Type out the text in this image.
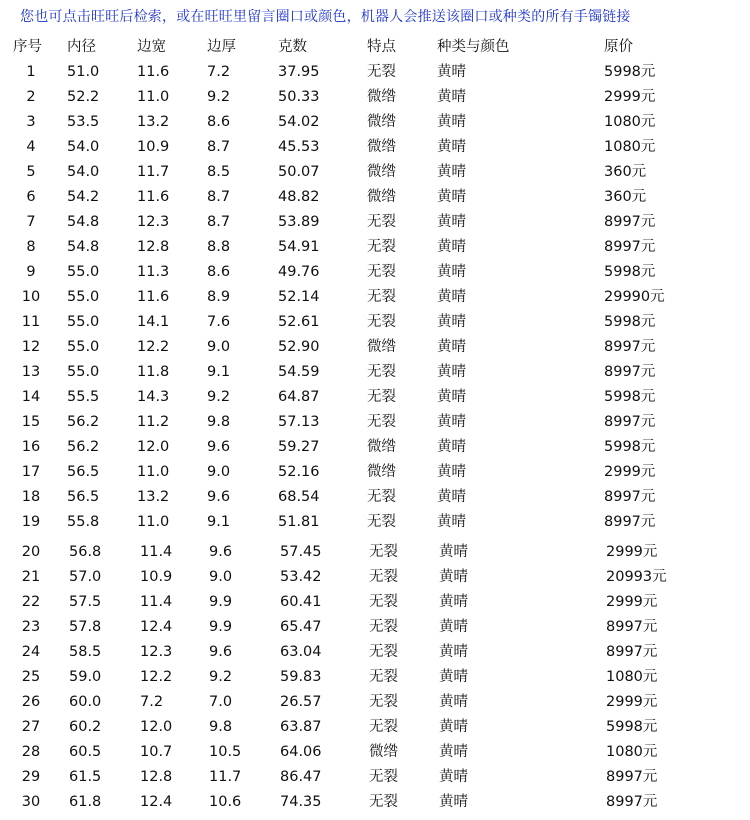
您也可点击旺旺后检索，或在旺旺里留言圈口或颜色，机器人会推送该圈口或种类的所有手镯链接
序号 内径	边宽	边厚	克数	特点	种类与颜色	原价
1	51.0	11.6	7.2	37.95	无裂	黄晴	5998元
2	52.2	11.0	9.2	50.33	微绺	黄晴	2999元
3	53.5	13.2	8.6	54.02	微绺	黄晴	1080元
4	54.0	10.9	8.7	45.53	微绺	黄晴	1080元
5	54.0	11.7	8.5	50.07	微绺	黄晴	360元
6	54.2	11.6	8.7	48.82	微绺	黄晴	360元
7	54.8	12.3	8.7	53.89	无裂	黄晴	8997元
8	54.8	12.8	8.8	54.91	无裂	黄晴	8997元
9	55.0	11.3	8.6	49.76	无裂	黄晴	5998元
10	55.0	11.6	8.9	52.14	无裂	黄晴	29990元
11	55.0	14.1	7.6	52.61	无裂	黄晴	5998元
12	55.0	12.2	9.0	52.90	微绺	黄晴	8997元
13	55.0	11.8	9.1	54.59	无裂	黄晴	8997元
14	55.5	14.3	9.2	64.87	无裂	黄晴	5998元
15	56.2	11.2	9.8	57.13	无裂	黄晴	8997元
16	56.2	12.0	9.6	59.27	微绺	黄晴	5998元
17	56.5	11.0	9.0	52.16	微绺	黄晴	2999元
18	56.5	13.2	9.6	68.54	无裂	黄晴	8997元
19	55.8	11.0	9.1	51.81	无裂	黄晴	8997元
20	56.8	11.4	9.6	57.45	无裂	黄晴	2999元
21	57.0	10.9	9.0	53.42	无裂	黄晴	20993元
22	57.5	11.4	9.9	60.41	无裂	黄晴	2999元
23	57.8	12.4	9.9	65.47	无裂	黄晴	8997元
24	58.5	12.3	9.6	63.04	无裂	黄晴	8997元
25	59.0	12.2	9.2	59.83	无裂	黄晴	1080元
26	60.0	7.2	7.0	26.57	无裂	黄晴	2999元
27	60.2	12.0	9.8	63.87	无裂	黄晴	5998元
28	60.5	10.7	10.5	64.06	微绺	黄晴	1080元
29	61.5	12.8	11.7	86.47	无裂	黄晴	8997元
30	61.8	12.4	10.6	74.35	无裂	黄晴	8997元
